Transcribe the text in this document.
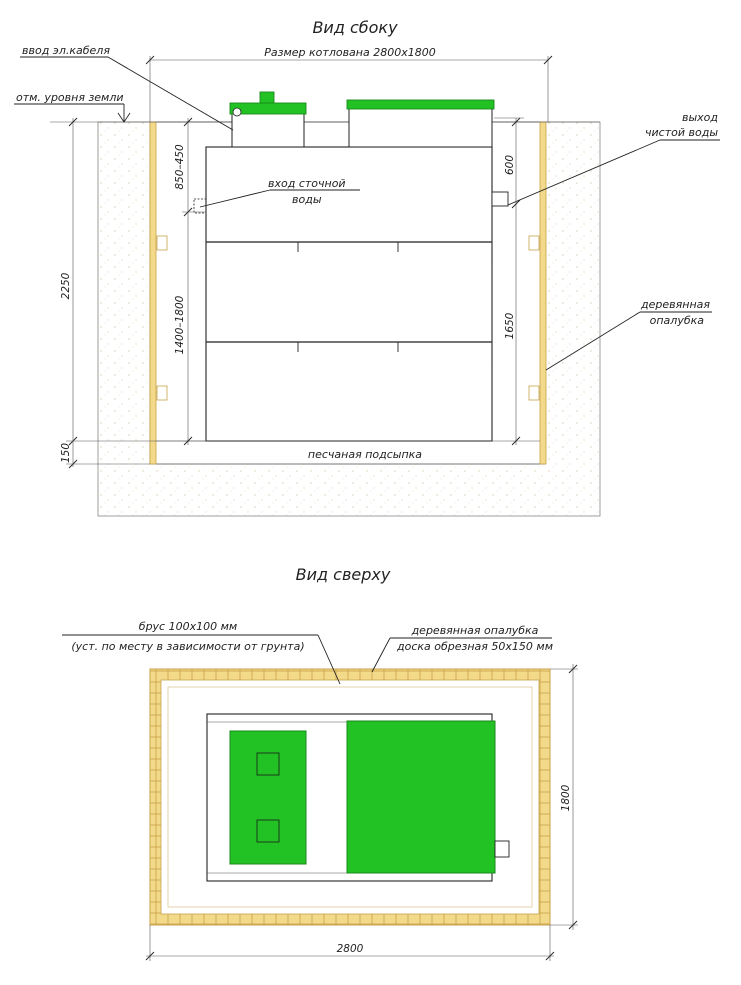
Вид сбоку
отм. уровня земли
песчаная подсыпка
Размер котлована 2800х1800
ввод эл.кабеля
выход
чистой воды
вход сточной
воды
деревянная
опалубка
2250
150
850–450
1400–1800
600
1650
Вид сверху
брус 100х100 мм
(уст. по месту в зависимости от грунта)
деревянная опалубка
доска обрезная 50х150 мм
1800
2800
